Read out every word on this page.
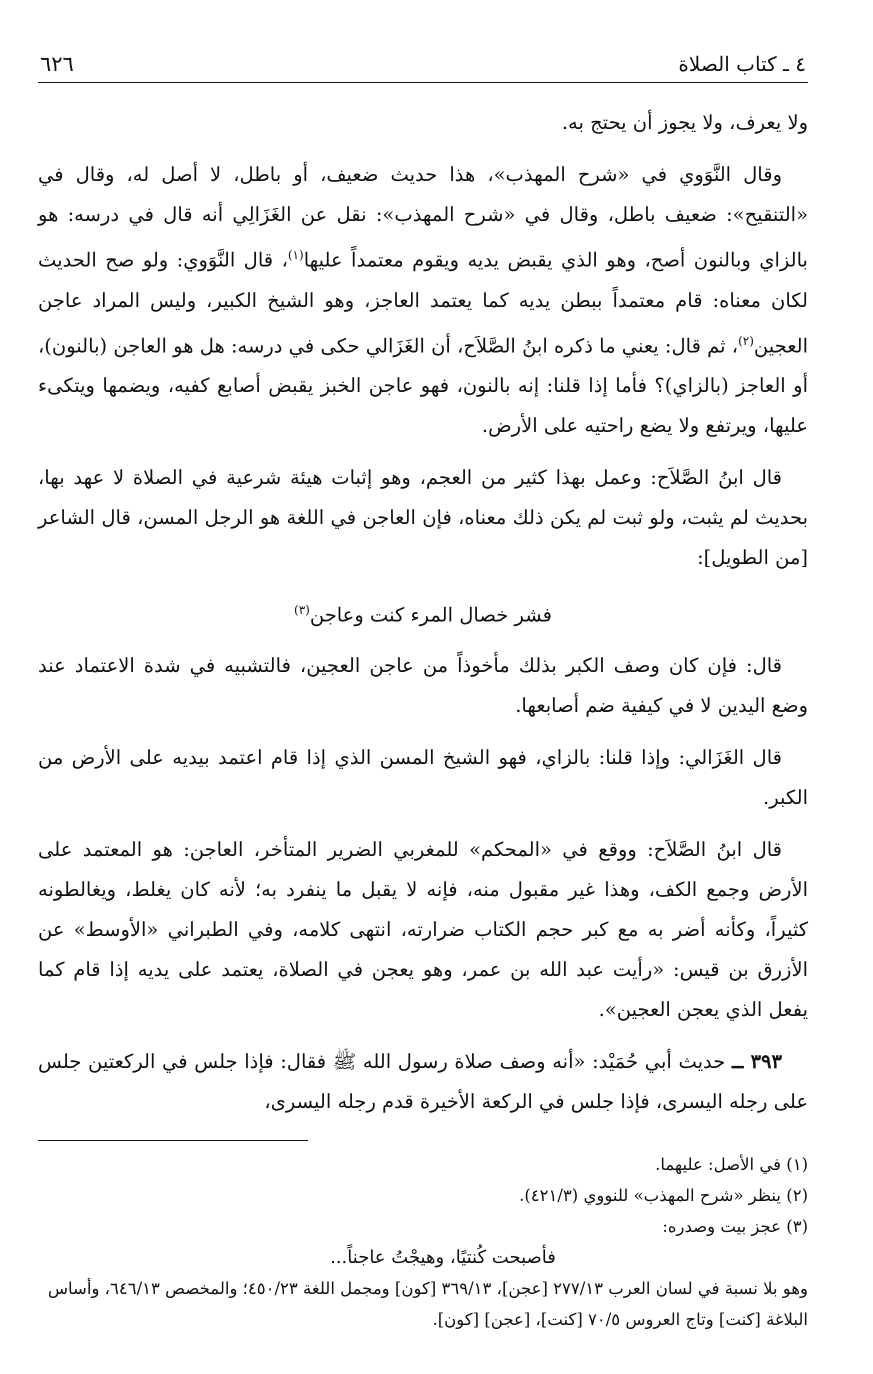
٤ ـ كتاب الصلاة
٦٢٦

ولا يعرف، ولا يجوز أن يحتج به.

وقال النَّوَوي في «شرح المهذب»، هذا حديث ضعيف، أو باطل، لا أصل له، وقال في «التنقيح»: ضعيف باطل، وقال في «شرح المهذب»: نقل عن الغَزَالِي أنه قال في درسه: هو بالزاي وبالنون أصح، وهو الذي يقبض يديه ويقوم معتمداً عليها$^{(١)}$، قال النَّوَوي: ولو صح الحديث لكان معناه: قام معتمداً ببطن يديه كما يعتمد العاجز، وهو الشيخ الكبير، وليس المراد عاجن العجين$^{(٢)}$، ثم قال: يعني ما ذكره ابنُ الصَّلاَح، أن الغَزَالي حكى في درسه: هل هو العاجن (بالنون)، أو العاجز (بالزاي)؟ فأما إذا قلنا: إنه بالنون، فهو عاجن الخبز يقبض أصابع كفيه، ويضمها ويتكىء عليها، ويرتفع ولا يضع راحتيه على الأرض.

قال ابنُ الصَّلاَح: وعمل بهذا كثير من العجم، وهو إثبات هيئة شرعية في الصلاة لا عهد بها، بحديث لم يثبت، ولو ثبت لم يكن ذلك معناه، فإن العاجن في اللغة هو الرجل المسن، قال الشاعر [من الطويل]:

فشر خصال المرء كنت وعاجن$^{(٣)}$

قال: فإن كان وصف الكبر بذلك مأخوذاً من عاجن العجين، فالتشبيه في شدة الاعتماد عند وضع اليدين لا في كيفية ضم أصابعها.

قال الغَزَالي: وإذا قلنا: بالزاي، فهو الشيخ المسن الذي إذا قام اعتمد بيديه على الأرض من الكبر.

قال ابنُ الصَّلاَح: ووقع في «المحكم» للمغربي الضرير المتأخر، العاجن: هو المعتمد على الأرض وجمع الكف، وهذا غير مقبول منه، فإنه لا يقبل ما ينفرد به؛ لأنه كان يغلط، ويغالطونه كثيراً، وكأنه أضر به مع كبر حجم الكتاب ضرارته، انتهى كلامه، وفي الطبراني «الأوسط» عن الأزرق بن قيس: «رأيت عبد الله بن عمر، وهو يعجن في الصلاة، يعتمد على يديه إذا قام كما يفعل الذي يعجن العجين».

٣٩٣ ــ حديث أبي حُمَيْد: «أنه وصف صلاة رسول الله ﷺ فقال: فإذا جلس في الركعتين جلس على رجله اليسرى، فإذا جلس في الركعة الأخيرة قدم رجله اليسرى،

(١) في الأصل: عليهما.

(٢) ينظر «شرح المهذب» للنووي (٤٢١/٣).

(٣) عجز بيت وصدره:

فأصبحت كُنتيًا، وهيجْتُ عاجناً...

وهو بلا نسبة في لسان العرب ٢٧٧/١٣ [عجن]، ٣٦٩/١٣ [كون] ومجمل اللغة ٤٥٠/٢٣؛ والمخصص ٦٤٦/١٣، وأساس البلاغة [كنت] وتاج العروس ٧٠/٥ [كنت]، [عجن] [كون].
